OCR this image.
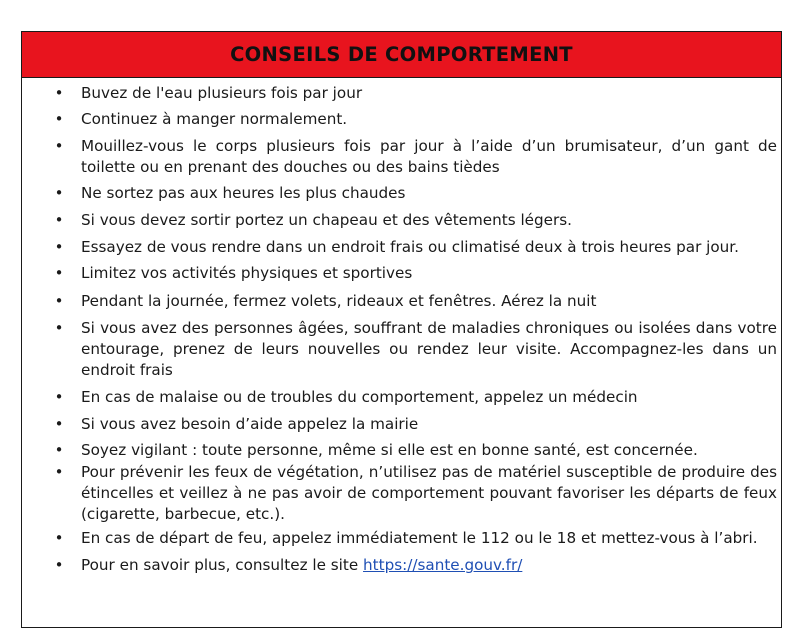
CONSEILS DE COMPORTEMENT
• Buvez de l'eau plusieurs fois par jour
• Continuez à manger normalement.
• Mouillez-vous le corps plusieurs fois par jour à l’aide d’un brumisateur, d’un gant de toilette ou en prenant des douches ou des bains tièdes
• Ne sortez pas aux heures les plus chaudes
• Si vous devez sortir portez un chapeau et des vêtements légers.
• Essayez de vous rendre dans un endroit frais ou climatisé deux à trois heures par jour.
• Limitez vos activités physiques et sportives
• Pendant la journée, fermez volets, rideaux et fenêtres. Aérez la nuit
• Si vous avez des personnes âgées, souffrant de maladies chroniques ou isolées dans votre entourage, prenez de leurs nouvelles ou rendez leur visite. Accompagnez-les dans un endroit frais
• En cas de malaise ou de troubles du comportement, appelez un médecin
• Si vous avez besoin d’aide appelez la mairie
• Soyez vigilant : toute personne, même si elle est en bonne santé, est concernée.
• Pour prévenir les feux de végétation, n’utilisez pas de matériel susceptible de produire des étincelles et veillez à ne pas avoir de comportement pouvant favoriser les départs de feux (cigarette, barbecue, etc.).
• En cas de départ de feu, appelez immédiatement le 112 ou le 18 et mettez-vous à l’abri.
• Pour en savoir plus, consultez le site https://sante.gouv.fr/
